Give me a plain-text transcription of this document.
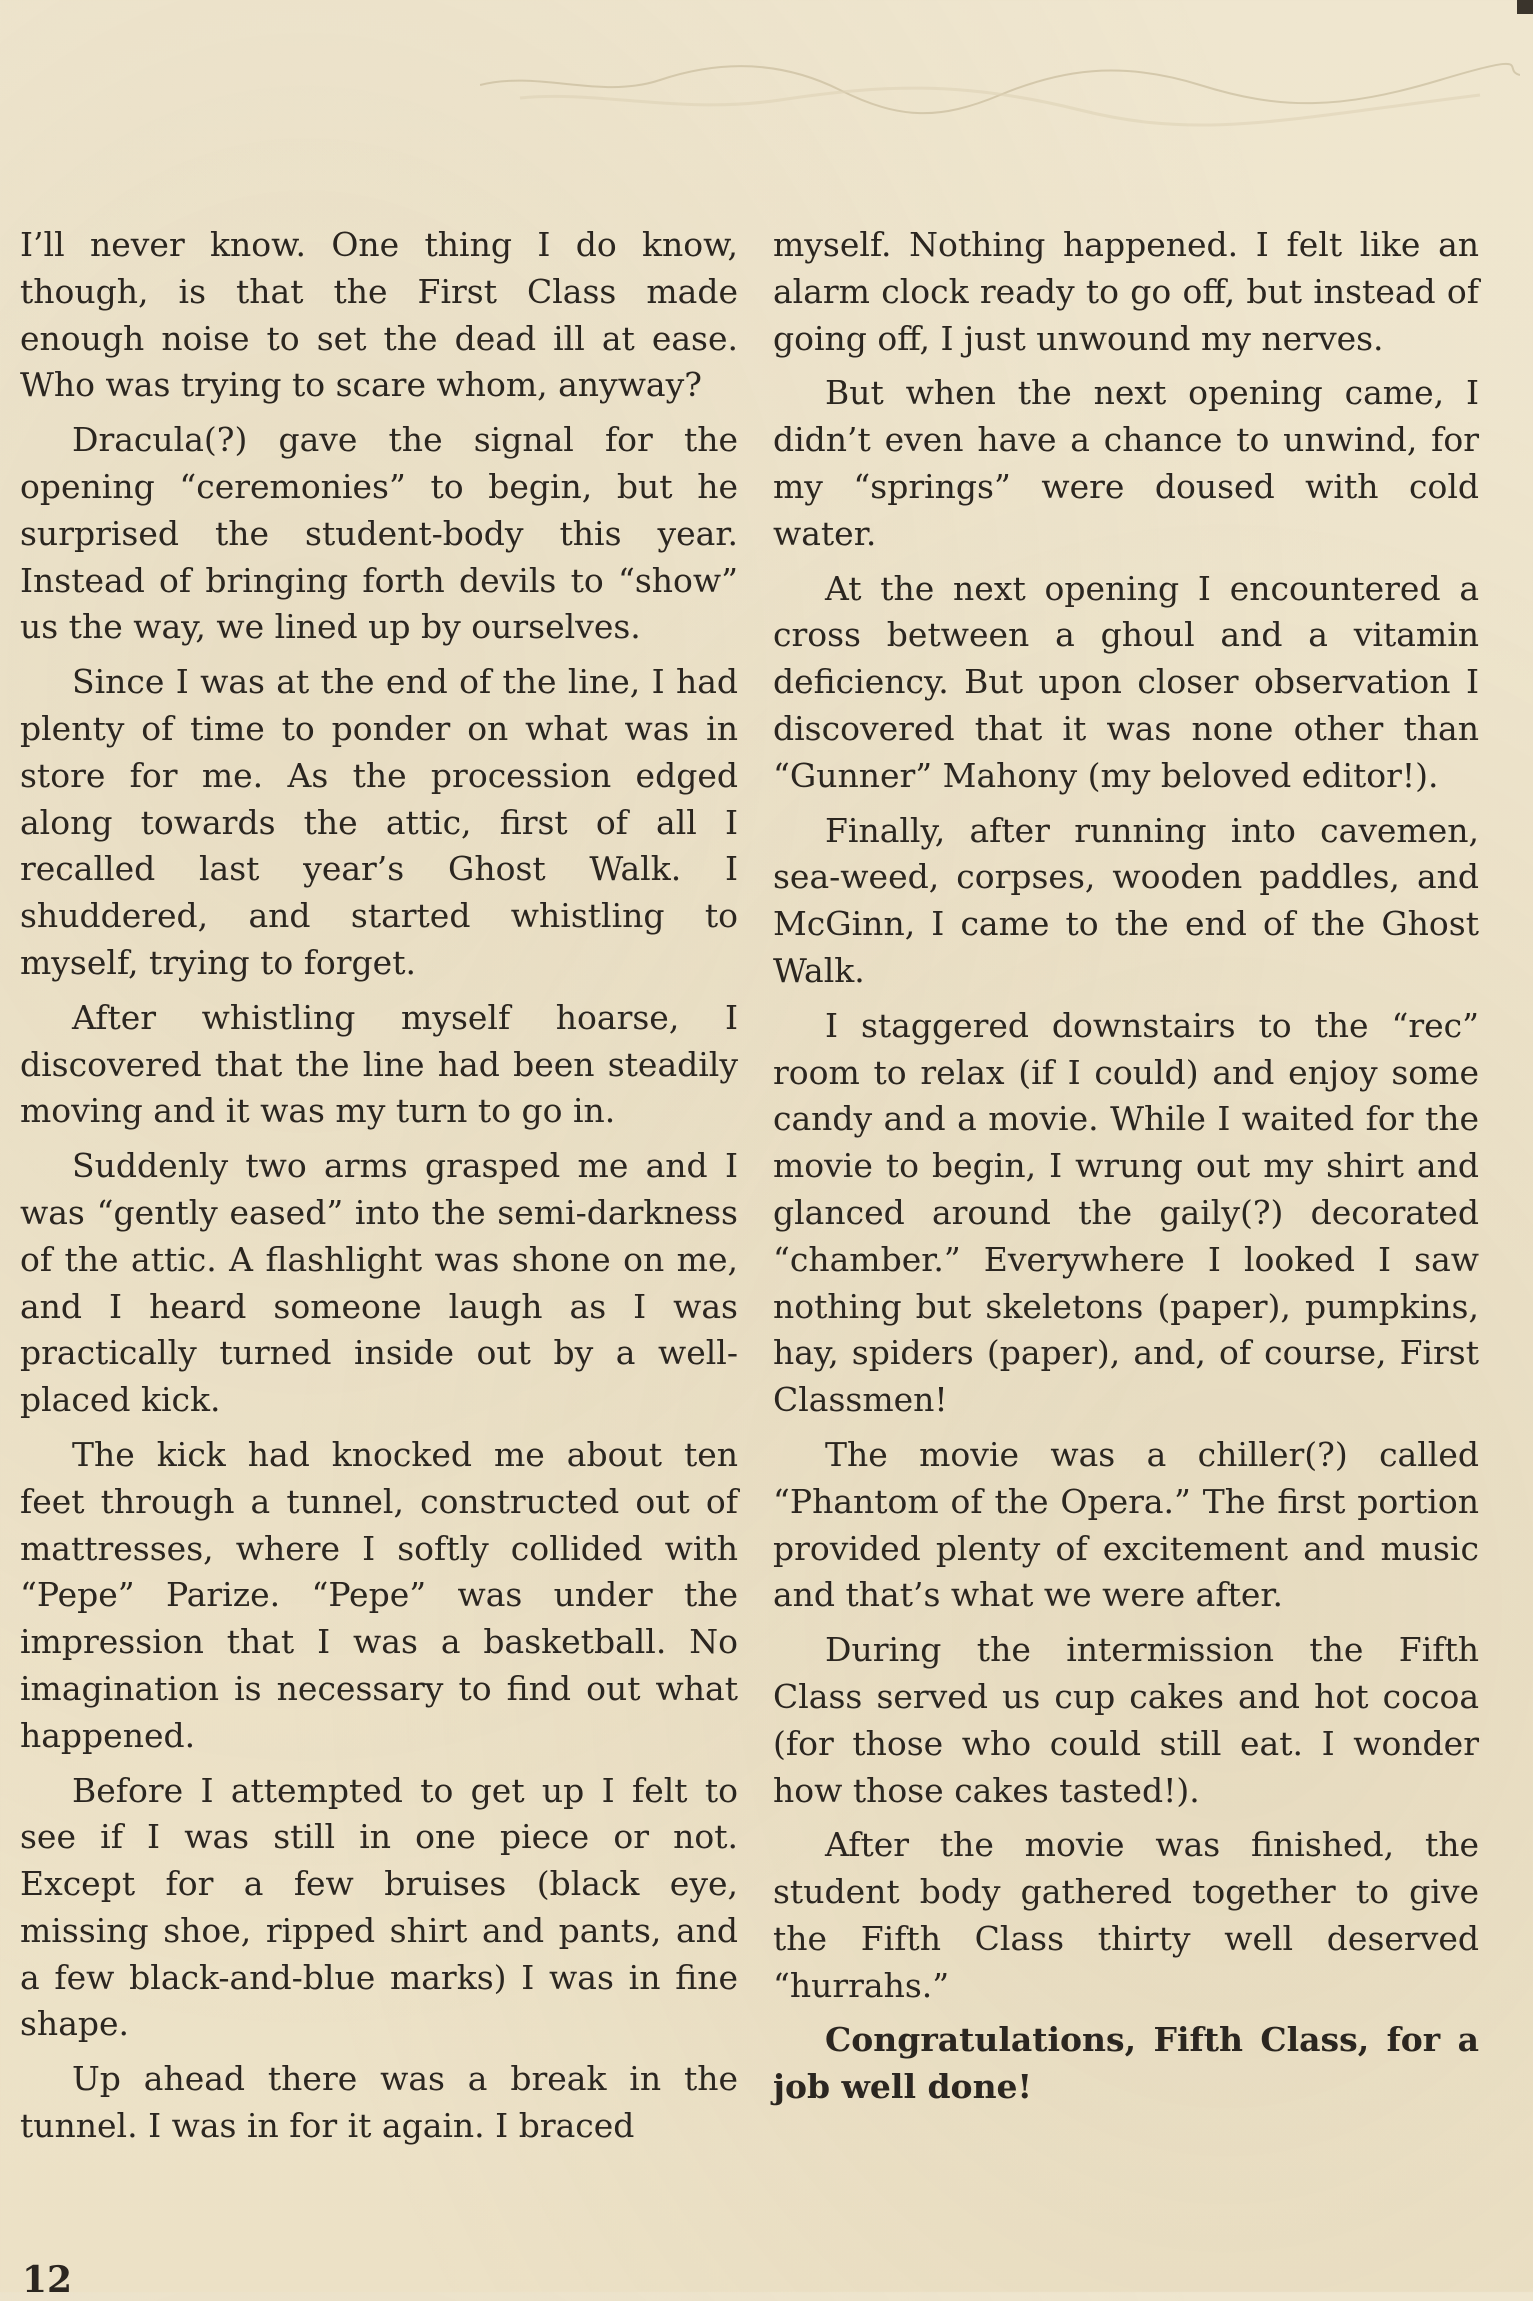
I’ll never know. One thing I do know, though, is that the First Class made enough noise to set the dead ill at ease. Who was trying to scare whom, anyway?

Dracula(?) gave the signal for the opening “ceremonies” to begin, but he surprised the student-body this year. Instead of bringing forth devils to “show” us the way, we lined up by ourselves.

Since I was at the end of the line, I had plenty of time to ponder on what was in store for me. As the procession edged along towards the attic, first of all I recalled last year’s Ghost Walk. I shuddered, and started whistling to myself, trying to forget.

After whistling myself hoarse, I discovered that the line had been steadily moving and it was my turn to go in.

Suddenly two arms grasped me and I was “gently eased” into the semi-darkness of the attic. A flashlight was shone on me, and I heard someone laugh as I was practically turned inside out by a well-placed kick.

The kick had knocked me about ten feet through a tunnel, constructed out of mattresses, where I softly collided with “Pepe” Parize. “Pepe” was under the impression that I was a basketball. No imagination is necessary to find out what happened.

Before I attempted to get up I felt to see if I was still in one piece or not. Except for a few bruises (black eye, missing shoe, ripped shirt and pants, and a few black-and-blue marks) I was in fine shape.

Up ahead there was a break in the tunnel. I was in for it again. I braced

myself. Nothing happened. I felt like an alarm clock ready to go off, but instead of going off, I just unwound my nerves.

But when the next opening came, I didn’t even have a chance to unwind, for my “springs” were doused with cold water.

At the next opening I encountered a cross between a ghoul and a vitamin deficiency. But upon closer observation I discovered that it was none other than “Gunner” Mahony (my beloved editor!).

Finally, after running into cavemen, sea-weed, corpses, wooden paddles, and McGinn, I came to the end of the Ghost Walk.

I staggered downstairs to the “rec” room to relax (if I could) and enjoy some candy and a movie. While I waited for the movie to begin, I wrung out my shirt and glanced around the gaily(?) decorated “chamber.” Everywhere I looked I saw nothing but skeletons (paper), pumpkins, hay, spiders (paper), and, of course, First Classmen!

The movie was a chiller(?) called “Phantom of the Opera.” The first portion provided plenty of excitement and music and that’s what we were after.

During the intermission the Fifth Class served us cup cakes and hot cocoa (for those who could still eat. I wonder how those cakes tasted!).

After the movie was finished, the student body gathered together to give the Fifth Class thirty well deserved “hurrahs.”

Congratulations, Fifth Class, for a job well done!

12
